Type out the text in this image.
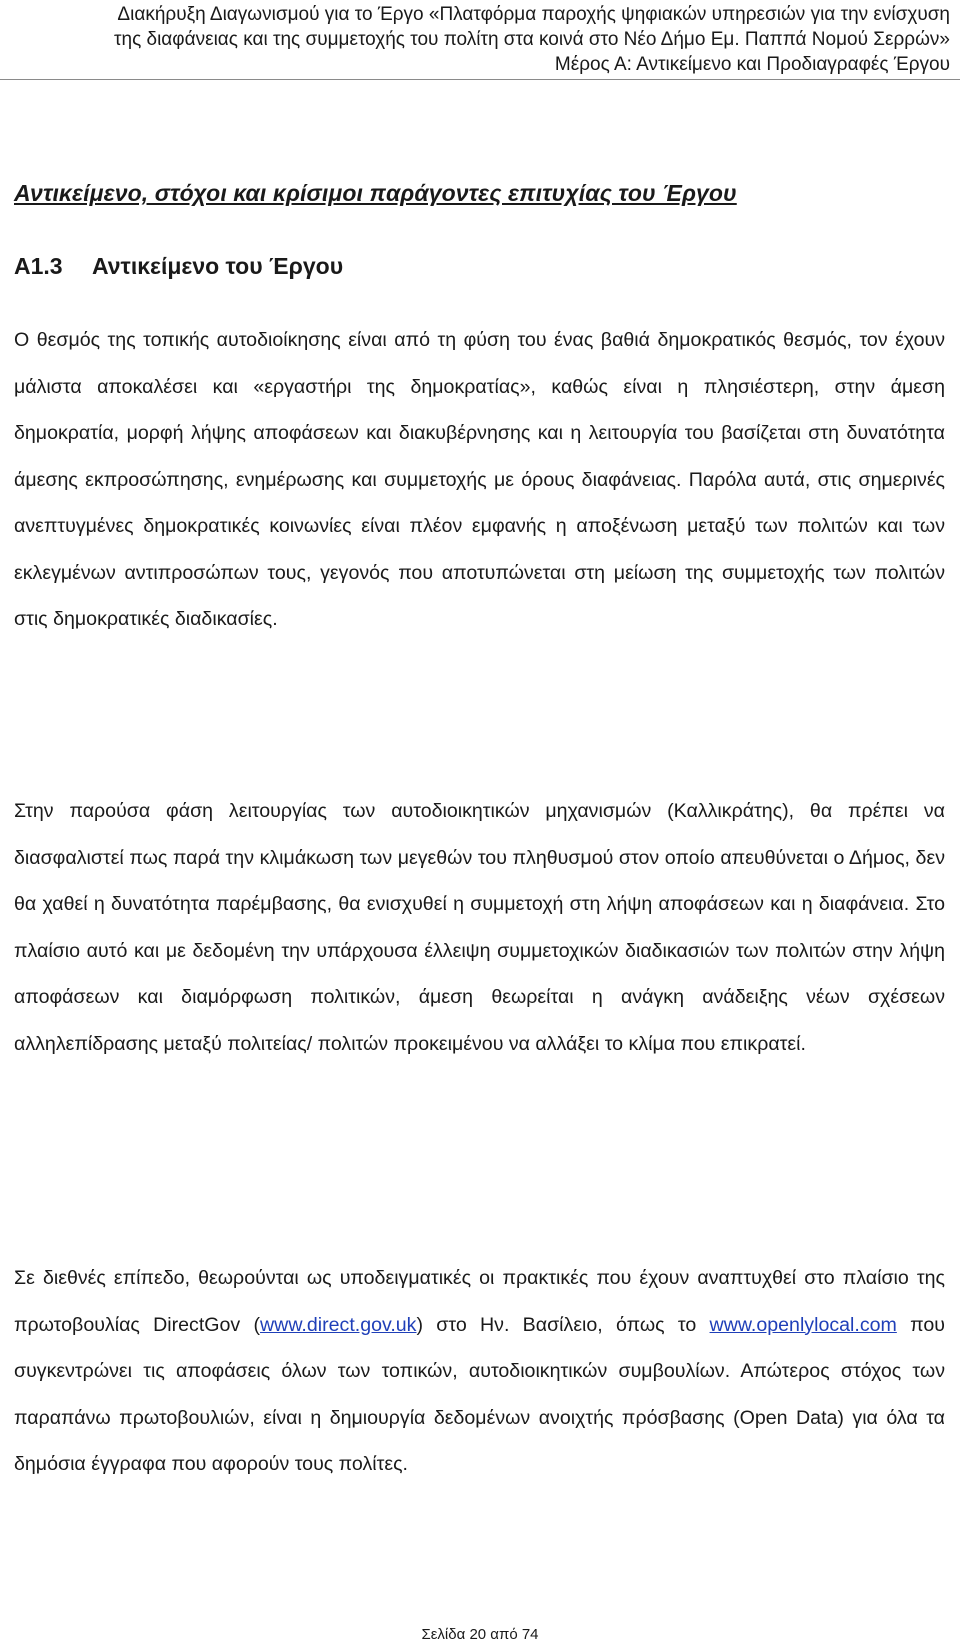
Διακήρυξη Διαγωνισμού για το Έργο «Πλατφόρμα παροχής ψηφιακών υπηρεσιών για την ενίσχυση
της διαφάνειας και της συμμετοχής του πολίτη στα κοινά στο Νέο Δήμο Εμ. Παππά Νομού Σερρών»
Μέρος Α: Αντικείμενο και Προδιαγραφές Έργου
Αντικείμενο, στόχοι και κρίσιμοι παράγοντες επιτυχίας του Έργου
A1.3 Αντικείμενο του Έργου

Ο θεσμός της τοπικής αυτοδιοίκησης είναι από τη φύση του ένας βαθιά δημοκρατικός θεσμός, τον έχουν μάλιστα αποκαλέσει και «εργαστήρι της δημοκρατίας», καθώς είναι η πλησιέστερη, στην άμεση δημοκρατία, μορφή λήψης αποφάσεων και διακυβέρνησης και η λειτουργία του βασίζεται στη δυνατότητα άμεσης εκπροσώπησης, ενημέρωσης και συμμετοχής με όρους διαφάνειας. Παρόλα αυτά, στις σημερινές ανεπτυγμένες δημοκρατικές κοινωνίες είναι πλέον εμφανής η αποξένωση μεταξύ των πολιτών και των εκλεγμένων αντιπροσώπων τους, γεγονός που αποτυπώνεται στη μείωση της συμμετοχής των πολιτών στις δημοκρατικές διαδικασίες.

Στην παρούσα φάση λειτουργίας των αυτοδιοικητικών μηχανισμών (Καλλικράτης), θα πρέπει να διασφαλιστεί πως παρά την κλιμάκωση των μεγεθών του πληθυσμού στον οποίο απευθύνεται ο Δήμος, δεν θα χαθεί η δυνατότητα παρέμβασης, θα ενισχυθεί η συμμετοχή στη λήψη αποφάσεων και η διαφάνεια. Στο πλαίσιο αυτό και με δεδομένη την υπάρχουσα έλλειψη συμμετοχικών διαδικασιών των πολιτών στην λήψη αποφάσεων και διαμόρφωση πολιτικών, άμεση θεωρείται η ανάγκη ανάδειξης νέων σχέσεων αλληλεπίδρασης μεταξύ πολιτείας/ πολιτών προκειμένου να αλλάξει το κλίμα που επικρατεί.

Σε διεθνές επίπεδο, θεωρούνται ως υποδειγματικές οι πρακτικές που έχουν αναπτυχθεί στο πλαίσιο της πρωτοβουλίας DirectGov (www.direct.gov.uk) στο Ην. Βασίλειο, όπως το www.openlylocal.com που συγκεντρώνει τις αποφάσεις όλων των τοπικών, αυτοδιοικητικών συμβουλίων. Απώτερος στόχος των παραπάνω πρωτοβουλιών, είναι η δημιουργία δεδομένων ανοιχτής πρόσβασης (Open Data) για όλα τα δημόσια έγγραφα που αφορούν τους πολίτες.

Σελίδα 20 από 74
